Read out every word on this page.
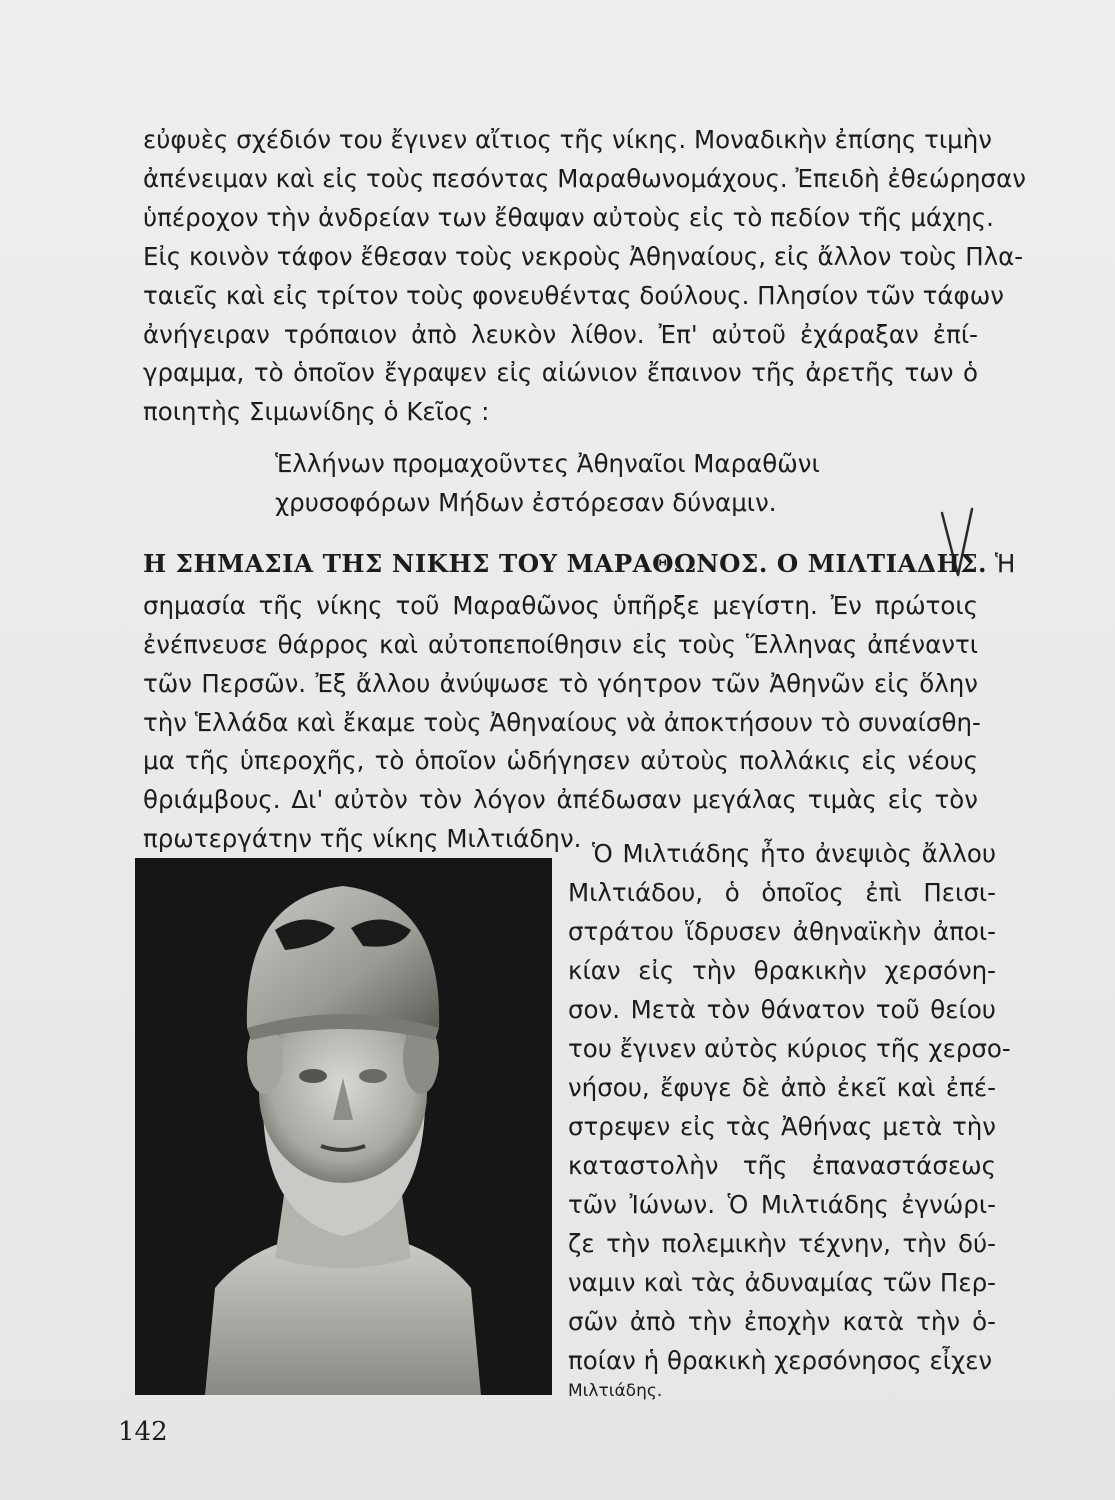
εὐφυὲς σχέδιόν του ἔγινεν αἴτιος τῆς νίκης. Μοναδικὴν ἐπίσης τιμὴν
ἀπένειμαν καὶ εἰς τοὺς πεσόντας Μαραθωνομάχους. Ἐπειδὴ ἐθεώρησαν
ὑπέροχον τὴν ἀνδρείαν των ἔθαψαν αὐτοὺς εἰς τὸ πεδίον τῆς μάχης.
Εἰς κοινὸν τάφον ἔθεσαν τοὺς νεκροὺς Ἀθηναίους, εἰς ἄλλον τοὺς Πλα-
ταιεῖς καὶ εἰς τρίτον τοὺς φονευθέντας δούλους. Πλησίον τῶν τάφων
ἀνήγειραν τρόπαιον ἀπὸ λευκὸν λίθον. Ἐπ' αὐτοῦ ἐχάραξαν ἐπί-
γραμμα, τὸ ὁποῖον ἔγραψεν εἰς αἰώνιον ἔπαινον τῆς ἀρετῆς των ὁ
ποιητὴς Σιμωνίδης ὁ Κεῖος :
Ἑλλήνων προμαχοῦντες Ἀθηναῖοι Μαραθῶνι
χρυσοφόρων Μήδων ἐστόρεσαν δύναμιν.
Η ΣΗΜΑΣΙΑ ΤΗΣ ΝΙΚΗΣ ΤΟΥ ΜΑΡΑΘΩΝΟΣ. Ο ΜΙΛΤΙΑΔΗΣ. Ἡ
σημασία τῆς νίκης τοῦ Μαραθῶνος ὑπῆρξε μεγίστη. Ἐν πρώτοις
ἐνέπνευσε θάρρος καὶ αὐτοπεποίθησιν εἰς τοὺς Ἕλληνας ἀπέναντι
τῶν Περσῶν. Ἐξ ἄλλου ἀνύψωσε τὸ γόητρον τῶν Ἀθηνῶν εἰς ὅλην
τὴν Ἑλλάδα καὶ ἔκαμε τοὺς Ἀθηναίους νὰ ἀποκτήσουν τὸ συναίσθη-
μα τῆς ὑπεροχῆς, τὸ ὁποῖον ὡδήγησεν αὐτοὺς πολλάκις εἰς νέους
θριάμβους. Δι' αὐτὸν τὸν λόγον ἀπέδωσαν μεγάλας τιμὰς εἰς τὸν
πρωτεργάτην τῆς νίκης Μιλτιάδην.
Ὁ Μιλτιάδης ἦτο ἀνεψιὸς ἄλλου
Μιλτιάδου, ὁ ὁποῖος ἐπὶ Πεισι-
στράτου ἵδρυσεν ἀθηναϊκὴν ἀποι-
κίαν εἰς τὴν θρακικὴν χερσόνη-
σον. Μετὰ τὸν θάνατον τοῦ θείου
του ἔγινεν αὐτὸς κύριος τῆς χερσο-
νήσου, ἔφυγε δὲ ἀπὸ ἐκεῖ καὶ ἐπέ-
στρεψεν εἰς τὰς Ἀθήνας μετὰ τὴν
καταστολὴν τῆς ἐπαναστάσεως
τῶν Ἰώνων. Ὁ Μιλτιάδης ἐγνώρι-
ζε τὴν πολεμικὴν τέχνην, τὴν δύ-
ναμιν καὶ τὰς ἀδυναμίας τῶν Περ-
σῶν ἀπὸ τὴν ἐποχὴν κατὰ τὴν ὁ-
ποίαν ἡ θρακικὴ χερσόνησος εἶχεν
Μιλτιάδης.
142
